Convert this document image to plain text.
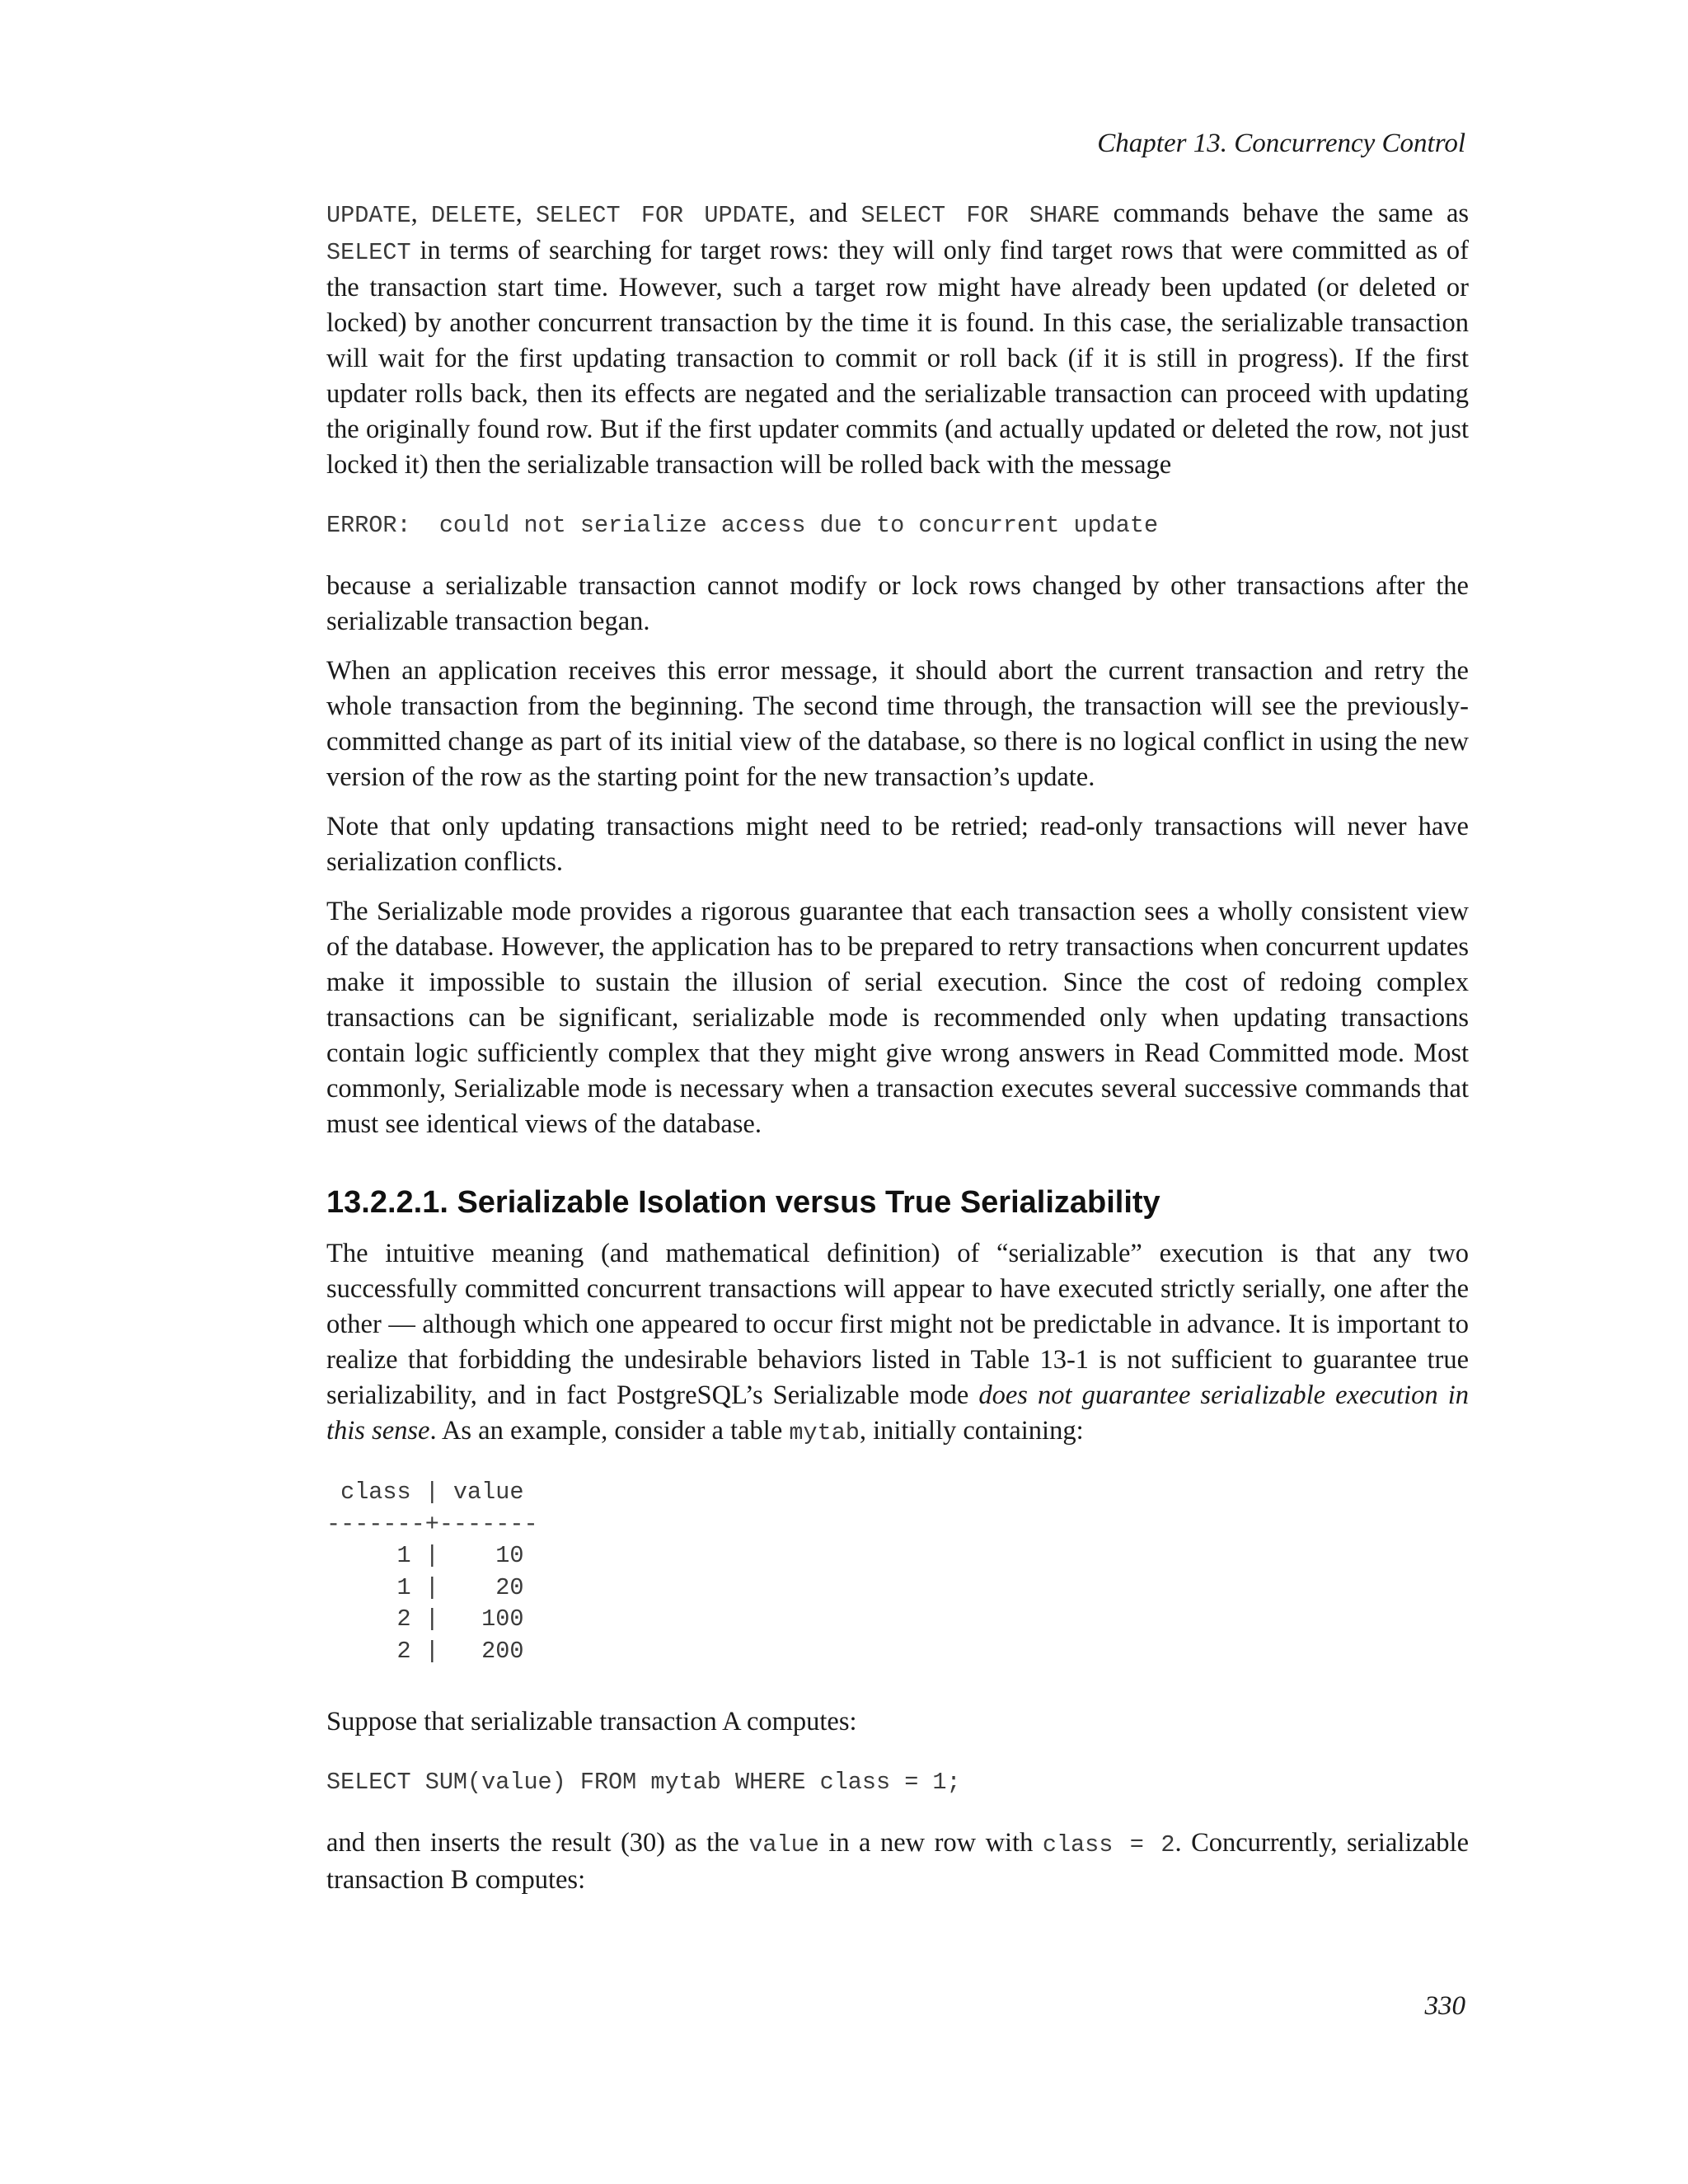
Chapter 13. Concurrency Control

UPDATE, DELETE, SELECT FOR UPDATE, and SELECT FOR SHARE commands behave the same as SELECT in terms of searching for target rows: they will only find target rows that were committed as of the transaction start time. However, such a target row might have already been updated (or deleted or locked) by another concurrent transaction by the time it is found. In this case, the serializable transaction will wait for the first updating transaction to commit or roll back (if it is still in progress). If the first updater rolls back, then its effects are negated and the serializable transaction can proceed with updating the originally found row. But if the first updater commits (and actually updated or deleted the row, not just locked it) then the serializable transaction will be rolled back with the message

ERROR:  could not serialize access due to concurrent update

because a serializable transaction cannot modify or lock rows changed by other transactions after the serializable transaction began.

When an application receives this error message, it should abort the current transaction and retry the whole transaction from the beginning. The second time through, the transaction will see the previously-committed change as part of its initial view of the database, so there is no logical conflict in using the new version of the row as the starting point for the new transaction’s update.

Note that only updating transactions might need to be retried; read-only transactions will never have serialization conflicts.

The Serializable mode provides a rigorous guarantee that each transaction sees a wholly consistent view of the database. However, the application has to be prepared to retry transactions when concurrent updates make it impossible to sustain the illusion of serial execution. Since the cost of redoing complex transactions can be significant, serializable mode is recommended only when updating transactions contain logic sufficiently complex that they might give wrong answers in Read Committed mode. Most commonly, Serializable mode is necessary when a transaction executes several successive commands that must see identical views of the database.

13.2.2.1. Serializable Isolation versus True Serializability

The intuitive meaning (and mathematical definition) of “serializable” execution is that any two successfully committed concurrent transactions will appear to have executed strictly serially, one after the other — although which one appeared to occur first might not be predictable in advance. It is important to realize that forbidding the undesirable behaviors listed in Table 13-1 is not sufficient to guarantee true serializability, and in fact PostgreSQL’s Serializable mode does not guarantee serializable execution in this sense. As an example, consider a table mytab, initially containing:

class | value
-------+-------
1 |    10
1 |    20
2 |   100
2 |   200

Suppose that serializable transaction A computes:

SELECT SUM(value) FROM mytab WHERE class = 1;

and then inserts the result (30) as the value in a new row with class = 2. Concurrently, serializable transaction B computes:

330
